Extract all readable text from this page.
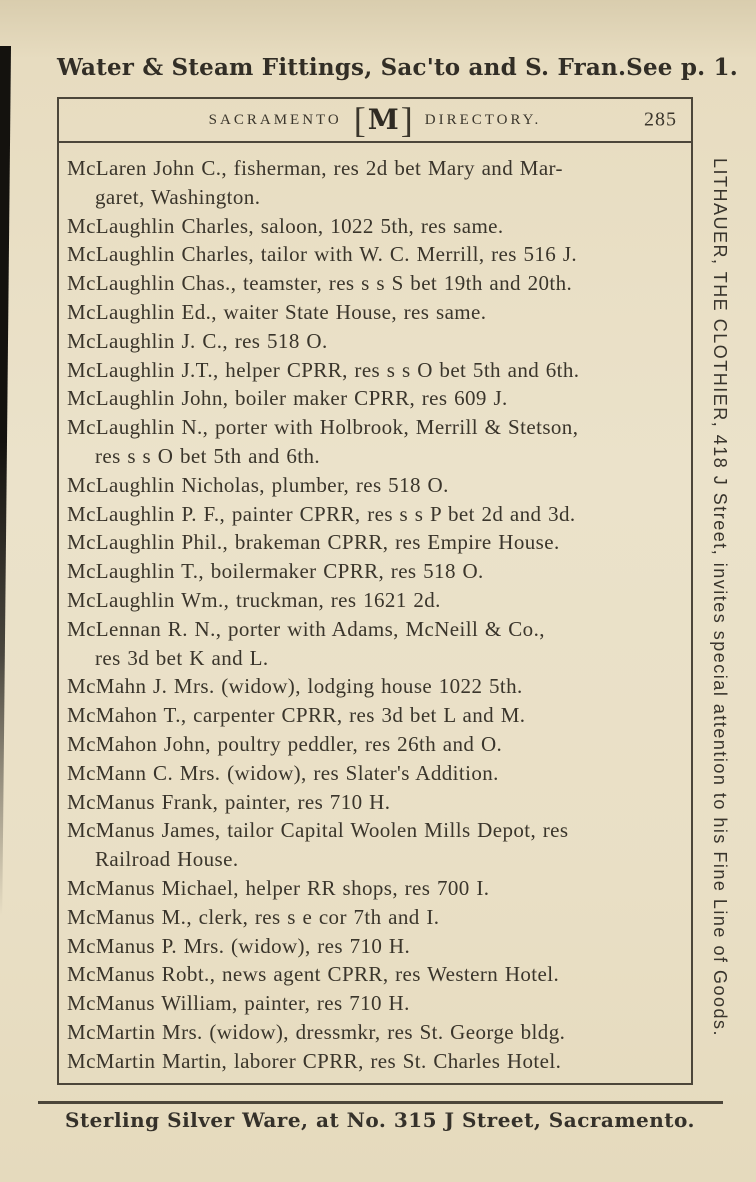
Water & Steam Fittings, Sac'to and S. Fran. See p. 1.
SACRAMENTO [ M ] DIRECTORY.	285
McLaren John C., fisherman, res 2d bet Mary and Mar-
garet, Washington.
McLaughlin Charles, saloon, 1022 5th, res same.
McLaughlin Charles, tailor with W. C. Merrill, res 516 J.
McLaughlin Chas., teamster, res s s S bet 19th and 20th.
McLaughlin Ed., waiter State House, res same.
McLaughlin J. C., res 518 O.
McLaughlin J.T., helper CPRR, res s s O bet 5th and 6th.
McLaughlin John, boiler maker CPRR, res 609 J.
McLaughlin N., porter with Holbrook, Merrill & Stetson,
res s s O bet 5th and 6th.
McLaughlin Nicholas, plumber, res 518 O.
McLaughlin P. F., painter CPRR, res s s P bet 2d and 3d.
McLaughlin Phil., brakeman CPRR, res Empire House.
McLaughlin T., boilermaker CPRR, res 518 O.
McLaughlin Wm., truckman, res 1621 2d.
McLennan R. N., porter with Adams, McNeill & Co.,
res 3d bet K and L.
McMahn J. Mrs. (widow), lodging house 1022 5th.
McMahon T., carpenter CPRR, res 3d bet L and M.
McMahon John, poultry peddler, res 26th and O.
McMann C. Mrs. (widow), res Slater's Addition.
McManus Frank, painter, res 710 H.
McManus James, tailor Capital Woolen Mills Depot, res
Railroad House.
McManus Michael, helper RR shops, res 700 I.
McManus M., clerk, res s e cor 7th and I.
McManus P. Mrs. (widow), res 710 H.
McManus Robt., news agent CPRR, res Western Hotel.
McManus William, painter, res 710 H.
McMartin Mrs. (widow), dressmkr, res St. George bldg.
McMartin Martin, laborer CPRR, res St. Charles Hotel.
LITHAUER, THE CLOTHIER, 418 J Street, invites special attention to his Fine Line of Goods.
Sterling Silver Ware, at No. 315 J Street, Sacramento.
